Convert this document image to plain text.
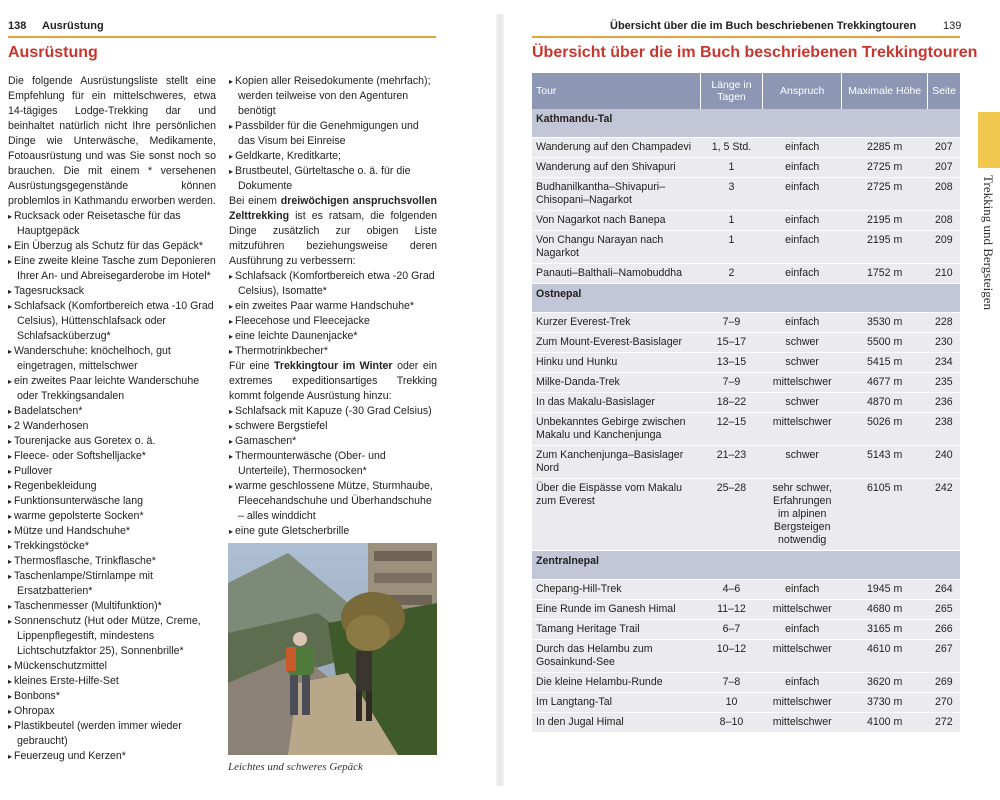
138 Ausrüstung
Ausrüstung

Die folgende Ausrüstungsliste stellt eine Empfehlung für ein mittelschweres, etwa 14-tägiges Lodge-Trekking dar und beinhaltet natürlich nicht Ihre persönlichen Dinge wie Unterwäsche, Medikamente, Fotoausrüstung und was Sie sonst noch so brauchen. Die mit einem * versehenen Ausrüstungsgegenstände können problemlos in Kathmandu erworben werden.

▸ Rucksack oder Reisetasche für das Hauptgepäck
▸ Ein Überzug als Schutz für das Gepäck*
▸ Eine zweite kleine Tasche zum Deponieren Ihrer An- und Abreisegarderobe im Hotel*
▸ Tagesrucksack
▸ Schlafsack (Komfortbereich etwa -10 Grad Celsius), Hüttenschlafsack oder Schlafsacküberzug*
▸ Wanderschuhe: knöchelhoch, gut eingetragen, mittelschwer
▸ ein zweites Paar leichte Wanderschuhe oder Trekkingsandalen
▸ Badelatschen*
▸ 2 Wanderhosen
▸ Tourenjacke aus Goretex o. ä.
▸ Fleece- oder Softshelljacke*
▸ Pullover
▸ Regenbekleidung
▸ Funktionsunterwäsche lang
▸ warme gepolsterte Socken*
▸ Mütze und Handschuhe*
▸ Trekkingstöcke*
▸ Thermosflasche, Trinkflasche*
▸ Taschenlampe/Stirnlampe mit Ersatzbatterien*
▸ Taschenmesser (Multifunktion)*
▸ Sonnenschutz (Hut oder Mütze, Creme, Lippenpflegestift, mindestens Lichtschutzfaktor 25), Sonnenbrille*
▸ Mückenschutzmittel
▸ kleines Erste-Hilfe-Set
▸ Bonbons*
▸ Ohropax
▸ Plastikbeutel (werden immer wieder gebraucht)
▸ Feuerzeug und Kerzen*
▸ Kopien aller Reisedokumente (mehrfach); werden teilweise von den Agenturen benötigt
▸ Passbilder für die Genehmigungen und das Visum bei Einreise
▸ Geldkarte, Kreditkarte;
▸ Brustbeutel, Gürteltasche o. ä. für die Dokumente

Bei einem dreiwöchigen anspruchsvollen Zelttrekking ist es ratsam, die folgenden Dinge zusätzlich zur obigen Liste mitzuführen beziehungsweise deren Ausführung zu verbessern:

▸ Schlafsack (Komfortbereich etwa -20 Grad Celsius), Isomatte*
▸ ein zweites Paar warme Handschuhe*
▸ Fleecehose und Fleecejacke
▸ eine leichte Daunenjacke*
▸ Thermotrinkbecher*

Für eine Trekkingtour im Winter oder ein extremes expeditionsartiges Trekking kommt folgende Ausrüstung hinzu:

▸ Schlafsack mit Kapuze (-30 Grad Celsius)
▸ schwere Bergstiefel
▸ Gamaschen*
▸ Thermounterwäsche (Ober- und Unterteile), Thermosocken*
▸ warme geschlossene Mütze, Sturmhaube, Fleecehandschuhe und Überhandschuhe – alles winddicht
▸ eine gute Gletscherbrille
Leichtes und schweres Gepäck
Übersicht über die im Buch beschriebenen Trekkingtouren 139
Übersicht über die im Buch beschriebenen Trekkingtouren
Tour	Länge in Tagen	Anspruch	Maximale Höhe	Seite
Kathmandu-Tal				
Wanderung auf den Champadevi	1, 5 Std.	einfach	2285 m	207
Wanderung auf den Shivapuri	1	einfach	2725 m	207
Budhanilkantha–Shivapuri–Chisopani–Nagarkot	3	einfach	2725 m	208
Von Nagarkot nach Banepa	1	einfach	2195 m	208
Von Changu Narayan nach Nagarkot	1	einfach	2195 m	209
Panauti–Balthali–Namobuddha	2	einfach	1752 m	210
Ostnepal				
Kurzer Everest-Trek	7–9	einfach	3530 m	228
Zum Mount-Everest-Basislager	15–17	schwer	5500 m	230
Hinku und Hunku	13–15	schwer	5415 m	234
Milke-Danda-Trek	7–9	mittelschwer	4677 m	235
In das Makalu-Basislager	18–22	schwer	4870 m	236
Unbekanntes Gebirge zwischen Makalu und Kanchenjunga	12–15	mittelschwer	5026 m	238
Zum Kanchenjunga–Basislager Nord	21–23	schwer	5143 m	240
Über die Eispässe vom Makalu zum Everest	25–28	sehr schwer, Erfahrungen im alpinen Bergsteigen notwendig	6105 m	242
Zentralnepal				
Chepang-Hill-Trek	4–6	einfach	1945 m	264
Eine Runde im Ganesh Himal	11–12	mittelschwer	4680 m	265
Tamang Heritage Trail	6–7	einfach	3165 m	266
Durch das Helambu zum Gosainkund-See	10–12	mittelschwer	4610 m	267
Die kleine Helambu-Runde	7–8	einfach	3620 m	269
Im Langtang-Tal	10	mittelschwer	3730 m	270
In den Jugal Himal	8–10	mittelschwer	4100 m	272
Trekking und Bergsteigen
